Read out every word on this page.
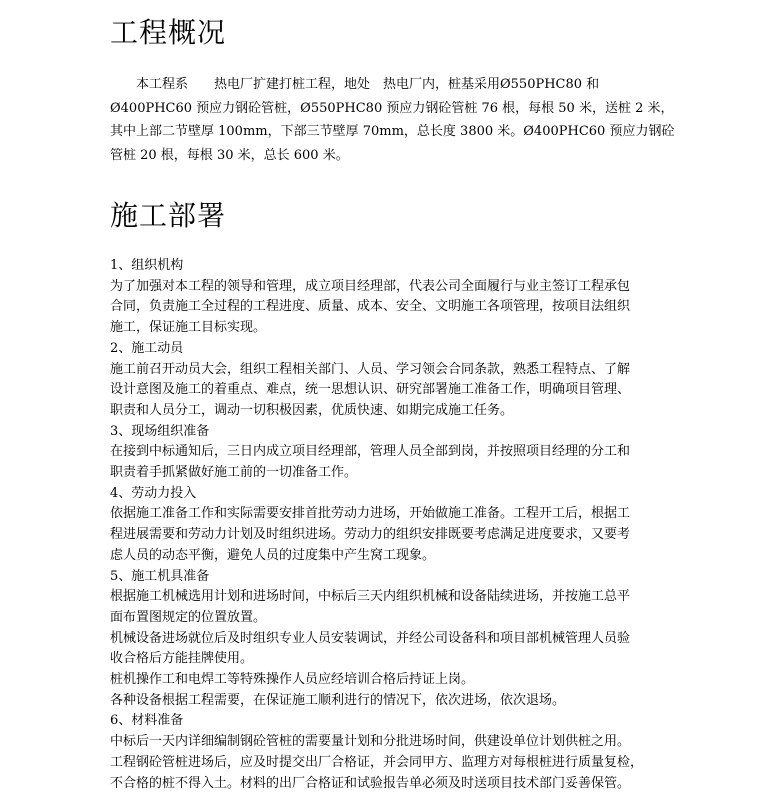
工程概况
本工程系　　热电厂扩建打桩工程，地处　热电厂内，桩基采用Ø550PHC80 和
Ø400PHC60 预应力钢砼管桩，Ø550PHC80 预应力钢砼管桩 76 根，每根 50 米，送桩 2 米，
其中上部二节壁厚 100mm，下部三节壁厚 70mm，总长度 3800 米。Ø400PHC60 预应力钢砼
管桩 20 根，每根 30 米，总长 600 米。
施工部署
1、组织机构
为了加强对本工程的领导和管理，成立项目经理部，代表公司全面履行与业主签订工程承包
合同，负责施工全过程的工程进度、质量、成本、安全、文明施工各项管理，按项目法组织
施工，保证施工目标实现。
2、施工动员
施工前召开动员大会，组织工程相关部门、人员、学习领会合同条款，熟悉工程特点、了解
设计意图及施工的着重点、难点，统一思想认识、研究部署施工准备工作，明确项目管理、
职责和人员分工，调动一切积极因素，优质快速、如期完成施工任务。
3、现场组织准备
在接到中标通知后，三日内成立项目经理部，管理人员全部到岗，并按照项目经理的分工和
职责着手抓紧做好施工前的一切准备工作。
4、劳动力投入
依据施工准备工作和实际需要安排首批劳动力进场，开始做施工准备。工程开工后，根据工
程进展需要和劳动力计划及时组织进场。劳动力的组织安排既要考虑满足进度要求，又要考
虑人员的动态平衡，避免人员的过度集中产生窝工现象。
5、施工机具准备
根据施工机械选用计划和进场时间，中标后三天内组织机械和设备陆续进场，并按施工总平
面布置图规定的位置放置。
机械设备进场就位后及时组织专业人员安装调试，并经公司设备科和项目部机械管理人员验
收合格后方能挂牌使用。
桩机操作工和电焊工等特殊操作人员应经培训合格后持证上岗。
各种设备根据工程需要，在保证施工顺利进行的情况下，依次进场，依次退场。
6、材料准备
中标后一天内详细编制钢砼管桩的需要量计划和分批进场时间，供建设单位计划供桩之用。
工程钢砼管桩进场后，应及时提交出厂合格证，并会同甲方、监理方对每根桩进行质量复检，
不合格的桩不得入土。材料的出厂合格证和试验报告单必须及时送项目技术部门妥善保管。
